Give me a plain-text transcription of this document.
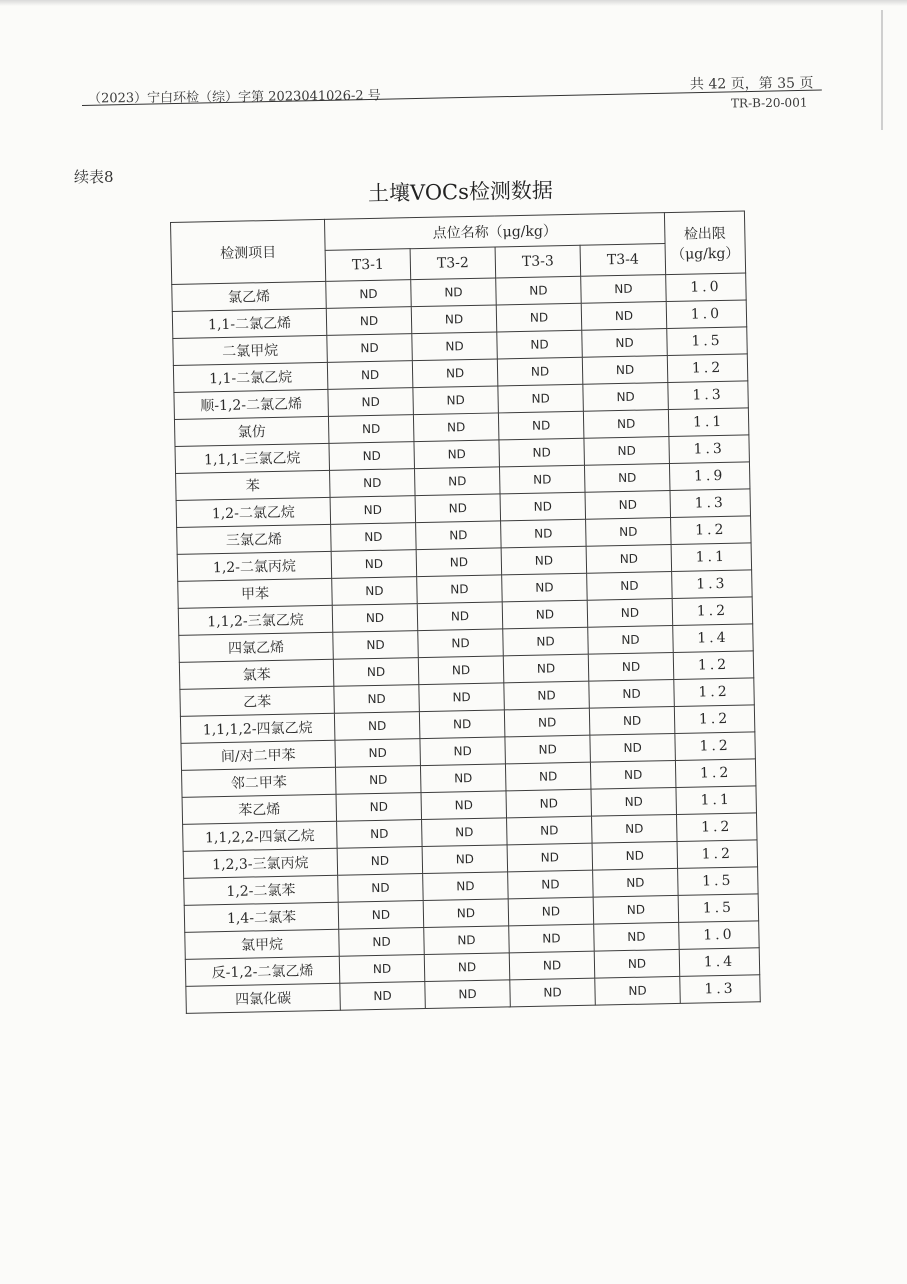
（2023）宁白环检（综）字第 2023041026-2 号
共 42 页，第 35 页
TR-B-20-001
续表8
土壤VOCs检测数据
检测项目	点位名称（μg/kg）				检出限
（μg/kg）

	T3-1	T3-2	T3-3	T3-4	
氯乙烯	ND	ND	ND	ND	1.0
1,1-二氯乙烯	ND	ND	ND	ND	1.0
二氯甲烷	ND	ND	ND	ND	1.5
1,1-二氯乙烷	ND	ND	ND	ND	1.2
顺-1,2-二氯乙烯	ND	ND	ND	ND	1.3
氯仿	ND	ND	ND	ND	1.1
1,1,1-三氯乙烷	ND	ND	ND	ND	1.3
苯	ND	ND	ND	ND	1.9
1,2-二氯乙烷	ND	ND	ND	ND	1.3
三氯乙烯	ND	ND	ND	ND	1.2
1,2-二氯丙烷	ND	ND	ND	ND	1.1
甲苯	ND	ND	ND	ND	1.3
1,1,2-三氯乙烷	ND	ND	ND	ND	1.2
四氯乙烯	ND	ND	ND	ND	1.4
氯苯	ND	ND	ND	ND	1.2
乙苯	ND	ND	ND	ND	1.2
1,1,1,2-四氯乙烷	ND	ND	ND	ND	1.2
间/对二甲苯	ND	ND	ND	ND	1.2
邻二甲苯	ND	ND	ND	ND	1.2
苯乙烯	ND	ND	ND	ND	1.1
1,1,2,2-四氯乙烷	ND	ND	ND	ND	1.2
1,2,3-三氯丙烷	ND	ND	ND	ND	1.2
1,2-二氯苯	ND	ND	ND	ND	1.5
1,4-二氯苯	ND	ND	ND	ND	1.5
氯甲烷	ND	ND	ND	ND	1.0
反-1,2-二氯乙烯	ND	ND	ND	ND	1.4
四氯化碳	ND	ND	ND	ND	1.3
